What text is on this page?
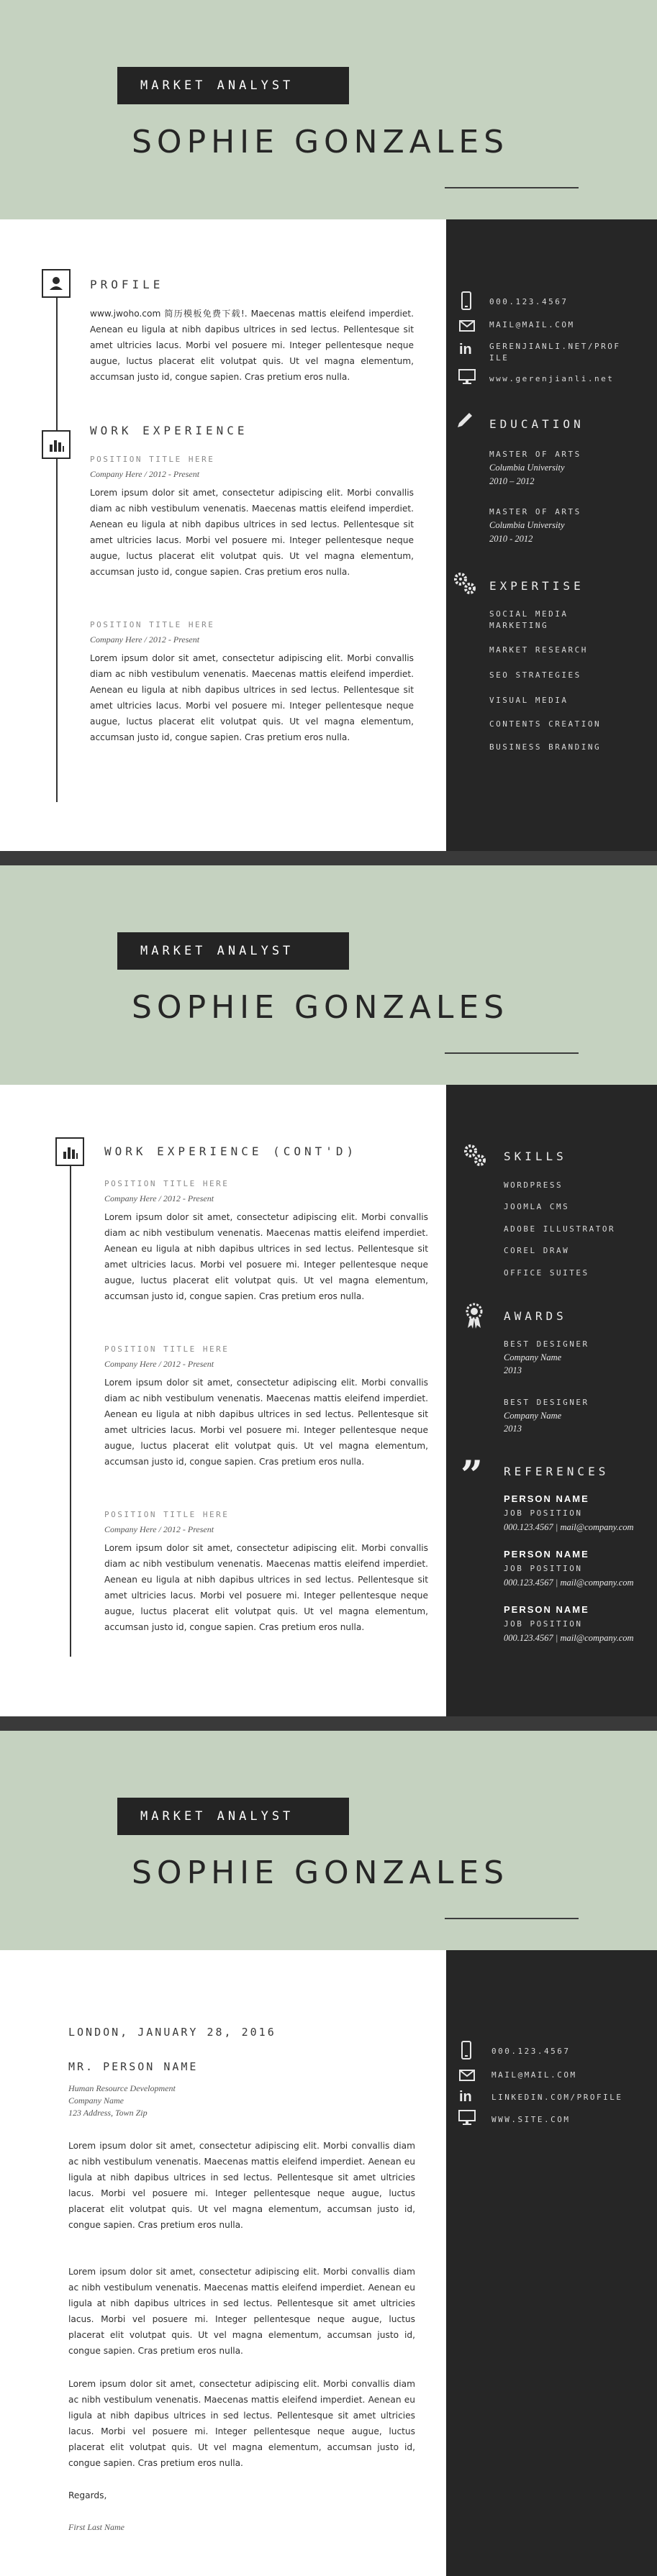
MARKET ANALYST
SOPHIE GONZALES
PROFILE
www.jwoho.com 简历模板免费下载!. Maecenas mattis eleifend imperdiet. Aenean eu ligula at nibh dapibus ultrices in sed lectus. Pellentesque sit amet ultricies lacus. Morbi vel posuere mi. Integer pellentesque neque augue, luctus placerat elit volutpat quis. Ut vel magna elementum, accumsan justo id, congue sapien. Cras pretium eros nulla.
WORK EXPERIENCE
POSITION TITLE HERE
Company Here / 2012 - Present
Lorem ipsum dolor sit amet, consectetur adipiscing elit. Morbi convallis diam ac nibh vestibulum venenatis. Maecenas mattis eleifend imperdiet. Aenean eu ligula at nibh dapibus ultrices in sed lectus. Pellentesque sit amet ultricies lacus. Morbi vel posuere mi. Integer pellentesque neque augue, luctus placerat elit volutpat quis. Ut vel magna elementum, accumsan justo id, congue sapien. Cras pretium eros nulla.
POSITION TITLE HERE
Company Here / 2012 - Present
Lorem ipsum dolor sit amet, consectetur adipiscing elit. Morbi convallis diam ac nibh vestibulum venenatis. Maecenas mattis eleifend imperdiet. Aenean eu ligula at nibh dapibus ultrices in sed lectus. Pellentesque sit amet ultricies lacus. Morbi vel posuere mi. Integer pellentesque neque augue, luctus placerat elit volutpat quis. Ut vel magna elementum, accumsan justo id, congue sapien. Cras pretium eros nulla.
000.123.4567
MAIL@MAIL.COM
in GERENJIANLI.NET/PROF
ILE
www.gerenjianli.net
EDUCATION
MASTER OF ARTS
Columbia University
2010 – 2012
MASTER OF ARTS
Columbia University
2010 - 2012
EXPERTISE
SOCIAL MEDIA
MARKETING
MARKET RESEARCH
SEO STRATEGIES
VISUAL MEDIA
CONTENTS CREATION
BUSINESS BRANDING
MARKET ANALYST
SOPHIE GONZALES
WORK EXPERIENCE (CONT'D)
POSITION TITLE HERE
Company Here / 2012 - Present
Lorem ipsum dolor sit amet, consectetur adipiscing elit. Morbi convallis diam ac nibh vestibulum venenatis. Maecenas mattis eleifend imperdiet. Aenean eu ligula at nibh dapibus ultrices in sed lectus. Pellentesque sit amet ultricies lacus. Morbi vel posuere mi. Integer pellentesque neque augue, luctus placerat elit volutpat quis. Ut vel magna elementum, accumsan justo id, congue sapien. Cras pretium eros nulla.
POSITION TITLE HERE
Company Here / 2012 - Present
Lorem ipsum dolor sit amet, consectetur adipiscing elit. Morbi convallis diam ac nibh vestibulum venenatis. Maecenas mattis eleifend imperdiet. Aenean eu ligula at nibh dapibus ultrices in sed lectus. Pellentesque sit amet ultricies lacus. Morbi vel posuere mi. Integer pellentesque neque augue, luctus placerat elit volutpat quis. Ut vel magna elementum, accumsan justo id, congue sapien. Cras pretium eros nulla.
POSITION TITLE HERE
Company Here / 2012 - Present
Lorem ipsum dolor sit amet, consectetur adipiscing elit. Morbi convallis diam ac nibh vestibulum venenatis. Maecenas mattis eleifend imperdiet. Aenean eu ligula at nibh dapibus ultrices in sed lectus. Pellentesque sit amet ultricies lacus. Morbi vel posuere mi. Integer pellentesque neque augue, luctus placerat elit volutpat quis. Ut vel magna elementum, accumsan justo id, congue sapien. Cras pretium eros nulla.
SKILLS
WORDPRESS
JOOMLA CMS
ADOBE ILLUSTRATOR
COREL DRAW
OFFICE SUITES
AWARDS
BEST DESIGNER
Company Name
2013
BEST DESIGNER
Company Name
2013
” REFERENCES
PERSON NAME
JOB POSITION
000.123.4567 | mail@company.com
PERSON NAME
JOB POSITION
000.123.4567 | mail@company.com
PERSON NAME
JOB POSITION
000.123.4567 | mail@company.com
MARKET ANALYST
SOPHIE GONZALES
LONDON, JANUARY 28, 2016
MR. PERSON NAME
Human Resource Development
Company Name
123 Address, Town Zip
Lorem ipsum dolor sit amet, consectetur adipiscing elit. Morbi convallis diam ac nibh vestibulum venenatis. Maecenas mattis eleifend imperdiet. Aenean eu ligula at nibh dapibus ultrices in sed lectus. Pellentesque sit amet ultricies lacus. Morbi vel posuere mi. Integer pellentesque neque augue, luctus placerat elit volutpat quis. Ut vel magna elementum, accumsan justo id, congue sapien. Cras pretium eros nulla.
Lorem ipsum dolor sit amet, consectetur adipiscing elit. Morbi convallis diam ac nibh vestibulum venenatis. Maecenas mattis eleifend imperdiet. Aenean eu ligula at nibh dapibus ultrices in sed lectus. Pellentesque sit amet ultricies lacus. Morbi vel posuere mi. Integer pellentesque neque augue, luctus placerat elit volutpat quis. Ut vel magna elementum, accumsan justo id, congue sapien. Cras pretium eros nulla.
Lorem ipsum dolor sit amet, consectetur adipiscing elit. Morbi convallis diam ac nibh vestibulum venenatis. Maecenas mattis eleifend imperdiet. Aenean eu ligula at nibh dapibus ultrices in sed lectus. Pellentesque sit amet ultricies lacus. Morbi vel posuere mi. Integer pellentesque neque augue, luctus placerat elit volutpat quis. Ut vel magna elementum, accumsan justo id, congue sapien. Cras pretium eros nulla.
Regards,
First Last Name
000.123.4567
MAIL@MAIL.COM
in LINKEDIN.COM/PROFILE
WWW.SITE.COM
